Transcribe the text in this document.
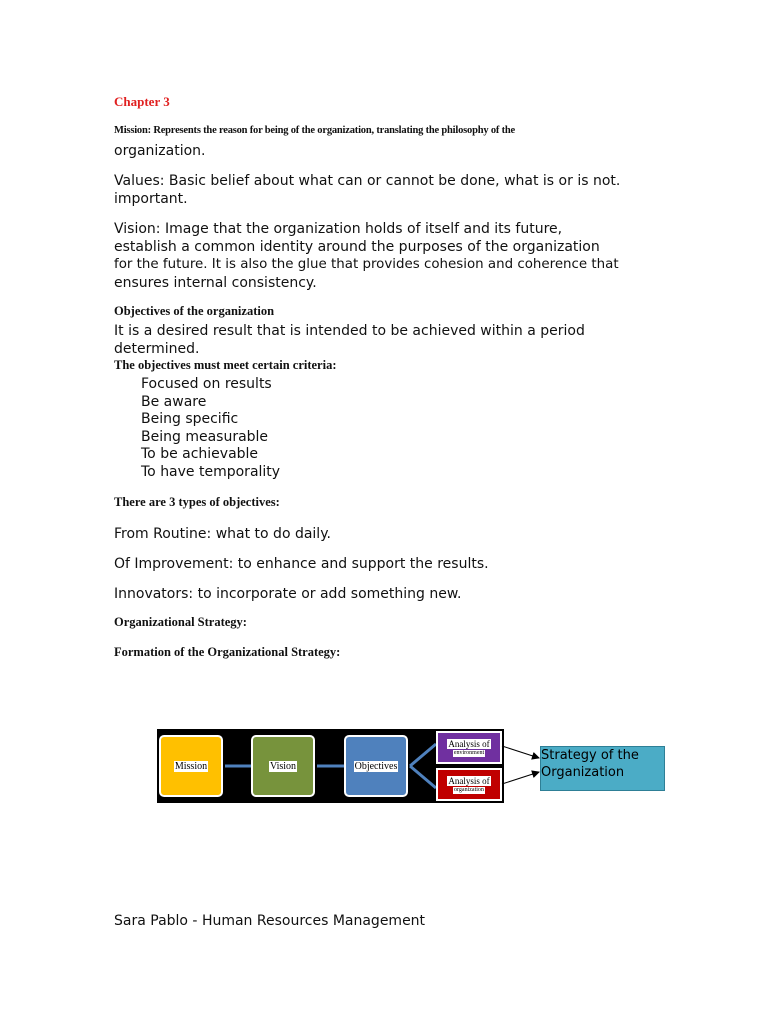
Chapter 3
Mission: Represents the reason for being of the organization, translating the philosophy of the
organization.
Values: Basic belief about what can or cannot be done, what is or is not.
important.
Vision: Image that the organization holds of itself and its future,
establish a common identity around the purposes of the organization
for the future. It is also the glue that provides cohesion and coherence that
ensures internal consistency.
Objectives of the organization
It is a desired result that is intended to be achieved within a period
determined.
The objectives must meet certain criteria:
Focused on results
Be aware
Being specific
Being measurable
To be achievable
To have temporality
There are 3 types of objectives:
From Routine: what to do daily.
Of Improvement: to enhance and support the results.
Innovators: to incorporate or add something new.
Organizational Strategy:
Formation of the Organizational Strategy:
Mission	Vision	Objectives
Analysis of
environment
Analysis of
organization
Strategy of the
Organization
Sara Pablo - Human Resources Management
